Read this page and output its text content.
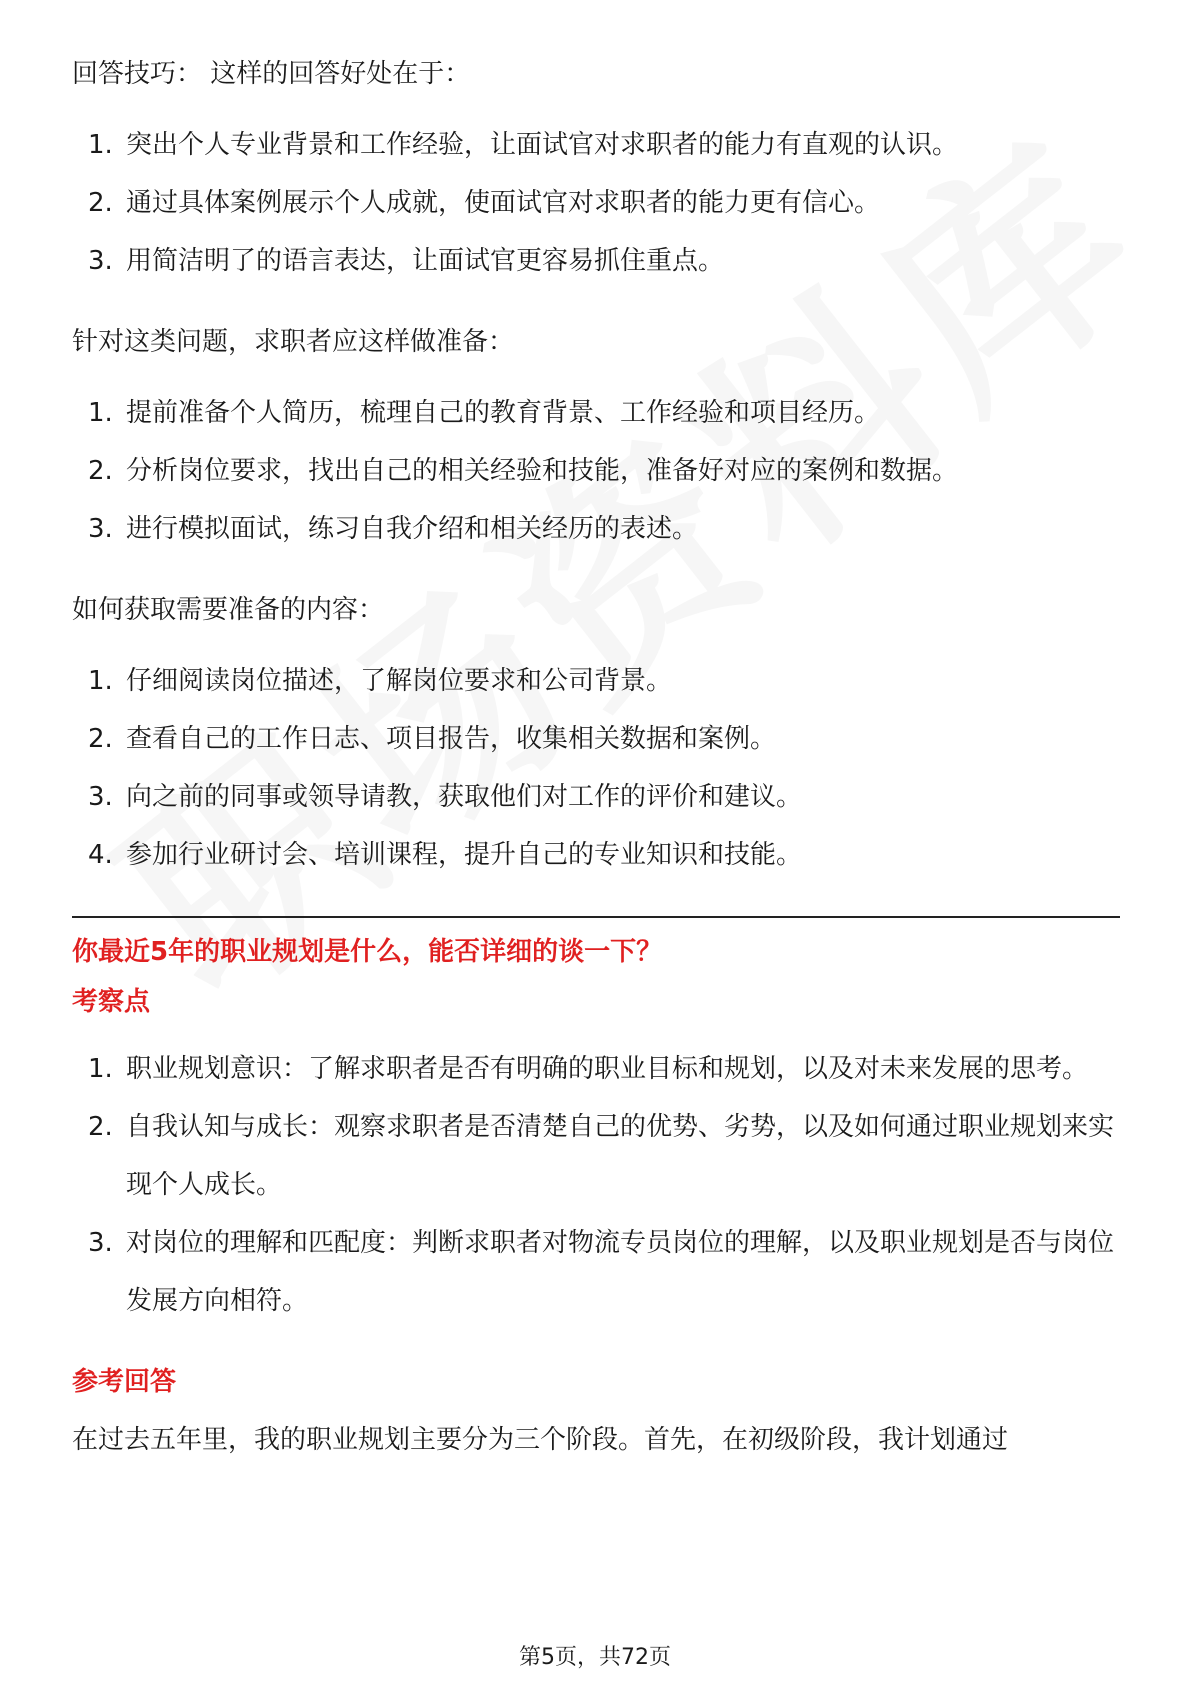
回答技巧： 这样的回答好处在于：

1. 突出个人专业背景和工作经验，让面试官对求职者的能力有直观的认识。
2. 通过具体案例展示个人成就，使面试官对求职者的能力更有信心。
3. 用简洁明了的语言表达，让面试官更容易抓住重点。

针对这类问题，求职者应这样做准备：

1. 提前准备个人简历，梳理自己的教育背景、工作经验和项目经历。
2. 分析岗位要求，找出自己的相关经验和技能，准备好对应的案例和数据。
3. 进行模拟面试，练习自我介绍和相关经历的表述。

如何获取需要准备的内容：

1. 仔细阅读岗位描述，了解岗位要求和公司背景。
2. 查看自己的工作日志、项目报告，收集相关数据和案例。
3. 向之前的同事或领导请教，获取他们对工作的评价和建议。
4. 参加行业研讨会、培训课程，提升自己的专业知识和技能。

你最近5年的职业规划是什么，能否详细的谈一下？

考察点

1. 职业规划意识：了解求职者是否有明确的职业目标和规划，以及对未来发展的思考。
2. 自我认知与成长：观察求职者是否清楚自己的优势、劣势，以及如何通过职业规划来实现个人成长。
3. 对岗位的理解和匹配度：判断求职者对物流专员岗位的理解，以及职业规划是否与岗位发展方向相符。

参考回答

在过去五年里，我的职业规划主要分为三个阶段。首先，在初级阶段，我计划通过

第5页，共72页
